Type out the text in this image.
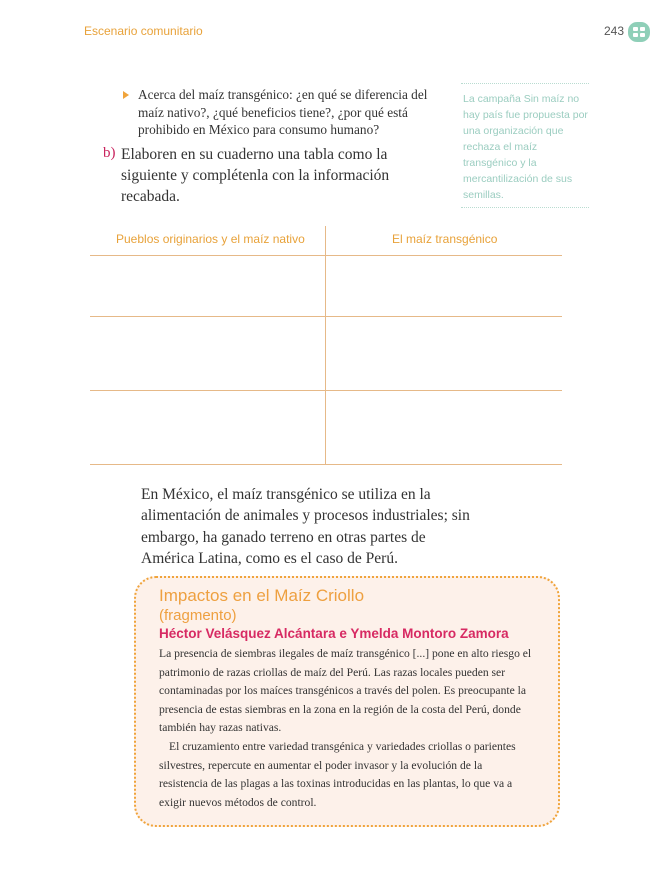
Escenario comunitario	243
Acerca del maíz transgénico: ¿en qué se diferencia del maíz nativo?, ¿qué beneficios tiene?, ¿por qué está prohibido en México para consumo humano?
b) Elaboren en su cuaderno una tabla como la siguiente y complétenla con la información recabada.
La campaña Sin maíz no hay país fue propuesta por una organización que rechaza el maíz transgénico y la mercantilización de sus semillas.
Pueblos originarios y el maíz nativo	El maíz transgénico
En México, el maíz transgénico se utiliza en la alimentación de animales y procesos industriales; sin embargo, ha ganado terreno en otras partes de América Latina, como es el caso de Perú.
Impactos en el Maíz Criollo
(fragmento)
Héctor Velásquez Alcántara e Ymelda Montoro Zamora

La presencia de siembras ilegales de maíz transgénico [...] pone en alto riesgo el patrimonio de razas criollas de maíz del Perú. Las razas locales pueden ser contaminadas por los maíces transgénicos a través del polen. Es preocupante la presencia de estas siembras en la zona en la región de la costa del Perú, donde también hay razas nativas.

El cruzamiento entre variedad transgénica y variedades criollas o parientes silvestres, repercute en aumentar el poder invasor y la evolución de la resistencia de las plagas a las toxinas introducidas en las plantas, lo que va a exigir nuevos métodos de control.
